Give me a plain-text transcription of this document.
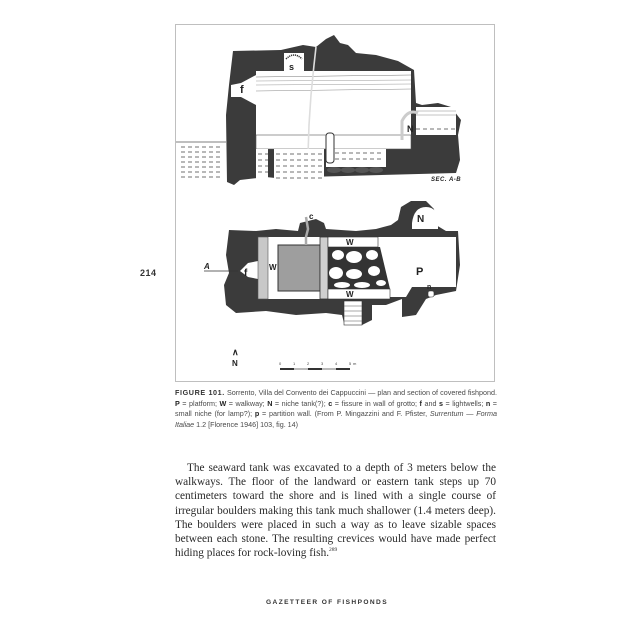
214
f
s
N
SEC. A-B
A
f
c	N
W
W
W
P
n
∧
N	0	1	2	3	4	5 m
FIGURE 101. Sorrento, Villa del Convento dei Cappuccini — plan and section of covered fishpond. P = platform; W = walkway; N = niche tank(?); c = fissure in wall of grotto; f and s = lightwells; n = small niche (for lamp?); p = partition wall. (From P. Mingazzini and F. Pfister, Surrentum — Forma Italiae 1.2 [Florence 1946] 103, fig. 14)
The seaward tank was excavated to a depth of 3 meters below the walkways. The floor of the landward or eastern tank steps up 70 centimeters toward the shore and is lined with a single course of irregular boulders making this tank much shallower (1.4 meters deep). The boulders were placed in such a way as to leave sizable spaces between each stone. The resulting crevices would have made perfect hiding places for rock-loving fish.$^{289}$
GAZETTEER OF FISHPONDS
